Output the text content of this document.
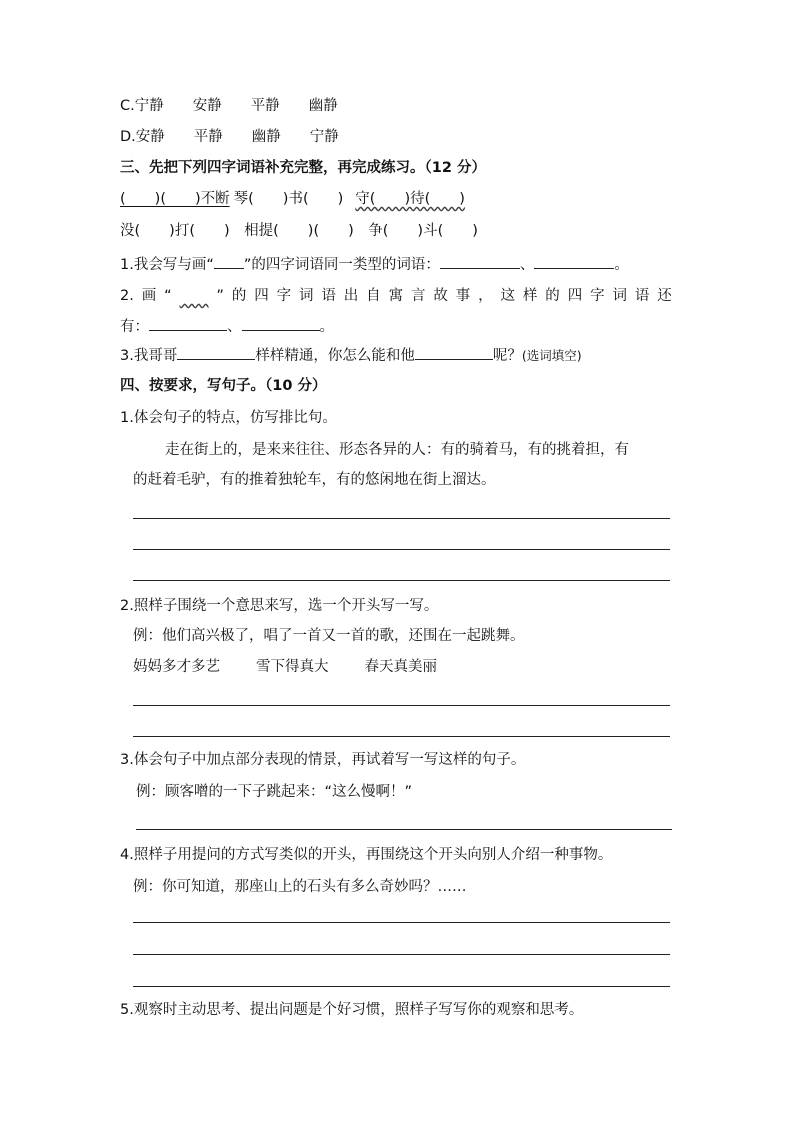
C.宁静　　安静　　平静　　幽静
D.安静　　平静　　幽静　　宁静
三、先把下列四字词语补充完整，再完成练习。（12 分）
(　　)(　　)不断 琴(　　)书(　　) 守(　　)待(　　)
没(　　)打(　　)　相提(　　)(　　)　争(　　)斗(　　)
1.我会写与画“ ”的四字词语同一类型的词语：	、	。
2. 画 “
　　	” 的 四 字 词 语 出 自 寓 言 故 事 ， 这 样 的 四 字 词 语 还
有：	、	。
3.我哥哥	样样精通，你怎么能和他	呢？(选词填空)
四、按要求，写句子。（10 分）
1.体会句子的特点，仿写排比句。
走在街上的，是来来往往、形态各异的人：有的骑着马，有的挑着担，有
的赶着毛驴，有的推着独轮车，有的悠闲地在街上溜达。
2.照样子围绕一个意思来写，选一个开头写一写。
例：他们高兴极了，唱了一首又一首的歌，还围在一起跳舞。
妈妈多才多艺 雪下得真大 春天真美丽
3.体会句子中加点部分表现的情景，再试着写一写这样的句子。
例：顾客噌的一下子跳起来：“这么慢啊！”
4.照样子用提问的方式写类似的开头，再围绕这个开头向别人介绍一种事物。
例：你可知道，那座山上的石头有多么奇妙吗？……
5.观察时主动思考、提出问题是个好习惯，照样子写写你的观察和思考。
